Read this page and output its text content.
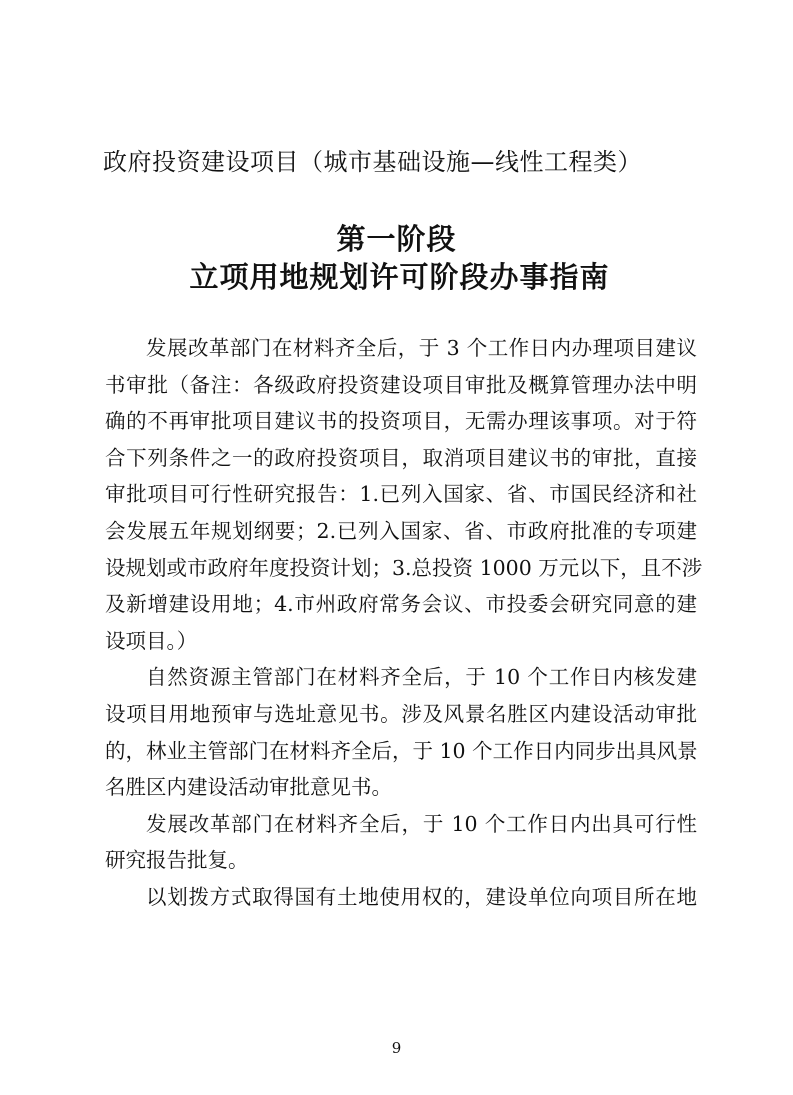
政府投资建设项目（城市基础设施—线性工程类）
第一阶段
立项用地规划许可阶段办事指南
发展改革部门在材料齐全后，于 3 个工作日内办理项目建议
书审批（备注：各级政府投资建设项目审批及概算管理办法中明
确的不再审批项目建议书的投资项目，无需办理该事项。对于符
合下列条件之一的政府投资项目，取消项目建议书的审批，直接
审批项目可行性研究报告：1.已列入国家、省、市国民经济和社
会发展五年规划纲要；2.已列入国家、省、市政府批准的专项建
设规划或市政府年度投资计划；3.总投资 1000 万元以下，且不涉
及新增建设用地；4.市州政府常务会议、市投委会研究同意的建
设项目。）
自然资源主管部门在材料齐全后，于 10 个工作日内核发建
设项目用地预审与选址意见书。涉及风景名胜区内建设活动审批
的，林业主管部门在材料齐全后，于 10 个工作日内同步出具风景
名胜区内建设活动审批意见书。
发展改革部门在材料齐全后，于 10 个工作日内出具可行性
研究报告批复。
以划拨方式取得国有土地使用权的，建设单位向项目所在地
9
